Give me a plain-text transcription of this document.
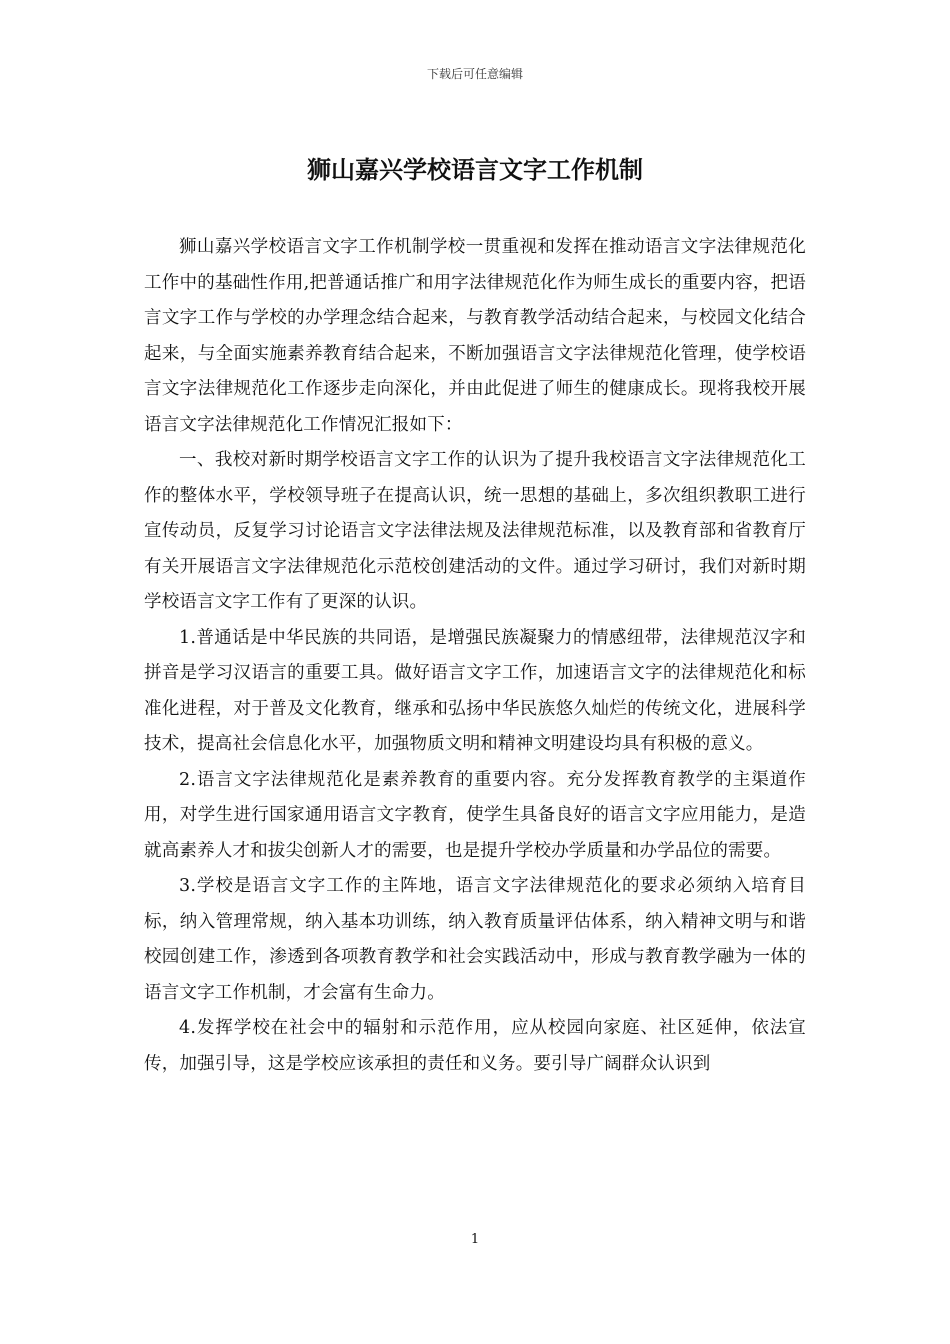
下载后可任意编辑
狮山嘉兴学校语言文字工作机制

狮山嘉兴学校语言文字工作机制学校一贯重视和发挥在推动语言文字法律规范化工作中的基础性作用,把普通话推广和用字法律规范化作为师生成长的重要内容，把语言文字工作与学校的办学理念结合起来，与教育教学活动结合起来，与校园文化结合起来，与全面实施素养教育结合起来，不断加强语言文字法律规范化管理，使学校语言文字法律规范化工作逐步走向深化，并由此促进了师生的健康成长。现将我校开展语言文字法律规范化工作情况汇报如下：

一、我校对新时期学校语言文字工作的认识为了提升我校语言文字法律规范化工作的整体水平，学校领导班子在提高认识，统一思想的基础上，多次组织教职工进行宣传动员，反复学习讨论语言文字法律法规及法律规范标准，以及教育部和省教育厅有关开展语言文字法律规范化示范校创建活动的文件。通过学习研讨，我们对新时期学校语言文字工作有了更深的认识。

1.普通话是中华民族的共同语，是增强民族凝聚力的情感纽带，法律规范汉字和拼音是学习汉语言的重要工具。做好语言文字工作，加速语言文字的法律规范化和标准化进程，对于普及文化教育，继承和弘扬中华民族悠久灿烂的传统文化，进展科学技术，提高社会信息化水平，加强物质文明和精神文明建设均具有积极的意义。

2.语言文字法律规范化是素养教育的重要内容。充分发挥教育教学的主渠道作用，对学生进行国家通用语言文字教育，使学生具备良好的语言文字应用能力，是造就高素养人才和拔尖创新人才的需要，也是提升学校办学质量和办学品位的需要。

3.学校是语言文字工作的主阵地，语言文字法律规范化的要求必须纳入培育目标，纳入管理常规，纳入基本功训练，纳入教育质量评估体系，纳入精神文明与和谐校园创建工作，渗透到各项教育教学和社会实践活动中，形成与教育教学融为一体的语言文字工作机制，才会富有生命力。

4.发挥学校在社会中的辐射和示范作用，应从校园向家庭、社区延伸，依法宣传，加强引导，这是学校应该承担的责任和义务。要引导广阔群众认识到

1
